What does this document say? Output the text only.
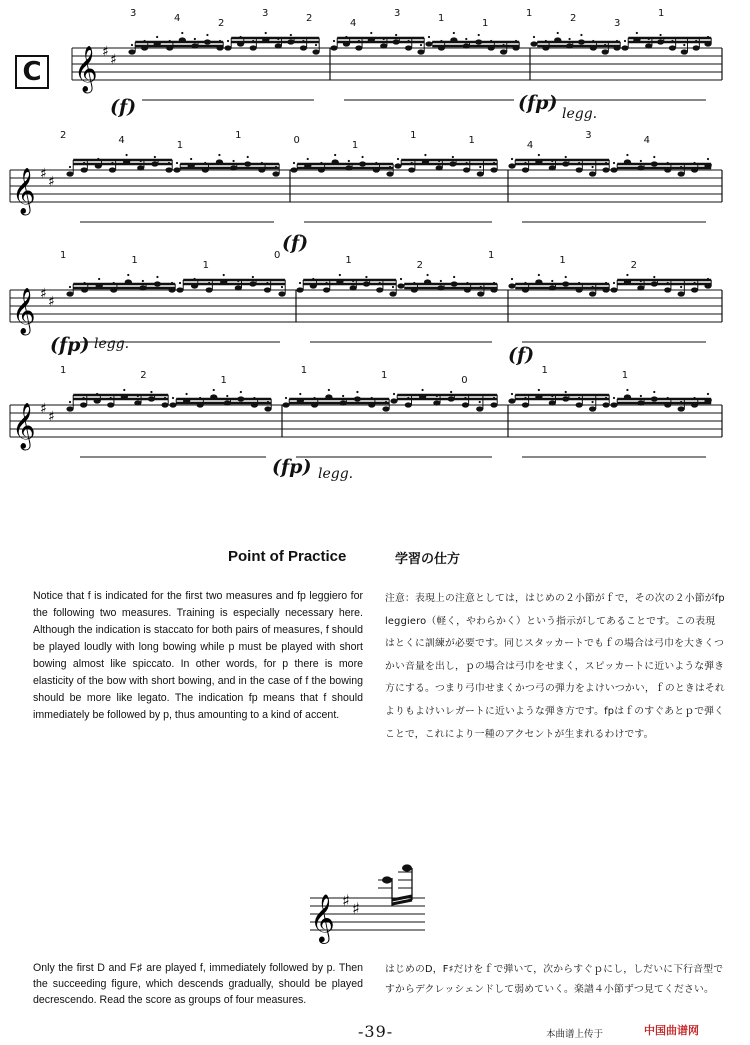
C 𝄞 ♯ ♯
𝄞 ♯ ♯
𝄞 ♯ ♯
𝄞 ♯ ♯
(f)	(fp) legg.
(f)
(fp) legg.	(f)
(fp) legg.
3	4	2
3	2	4
3	1	1
1	2	3
1
2	4	1
1	0	1
1	1	4
3	4
1	1	1
0	1	2
1	1	2
1	2	1
1	1	0
1	1
Point of Practice	学習の仕方
Notice that f is indicated for the first two measures and fp leggiero for the following two measures. Training is especially necessary here. Although the indication is staccato for both pairs of measures, f should be played loudly with long bowing while p must be played with short bowing almost like spiccato. In other words, for p there is more elasticity of the bow with short bowing, and in the case of f the bowing should be more like legato. The indication fp means that f should immediately be followed by p, thus amounting to a kind of accent.
注意：表現上の注意としては，はじめの２小節がｆで，その次の２小節がfp leggiero（軽く，やわらかく）という指示がしてあることです。この表現はとくに訓練が必要です。同じスタッカートでもｆの場合は弓巾を大きくつかい音量を出し，ｐの場合は弓巾をせまく，スピッカートに近いような弾き方にする。つまり弓巾せまくかつ弓の弾力をよけいつかい，ｆのときはそれよりもよけいレガートに近いような弾き方です。fpはｆのすぐあとｐで弾くことで，これにより一種のアクセントが生まれるわけです。
𝄞 ♯ ♯
Only the first D and F♯ are played f, immediately followed by p. Then the succeeding figure, which descends gradually, should be played decrescendo. Read the score as groups of four measures.
はじめのD，F♯だけをｆで弾いて，次からすぐｐにし，しだいに下行音型ですからデクレッシェンドして弱めていく。楽譜４小節ずつ見てください。
-39-	本曲谱上传于	中国曲谱网
